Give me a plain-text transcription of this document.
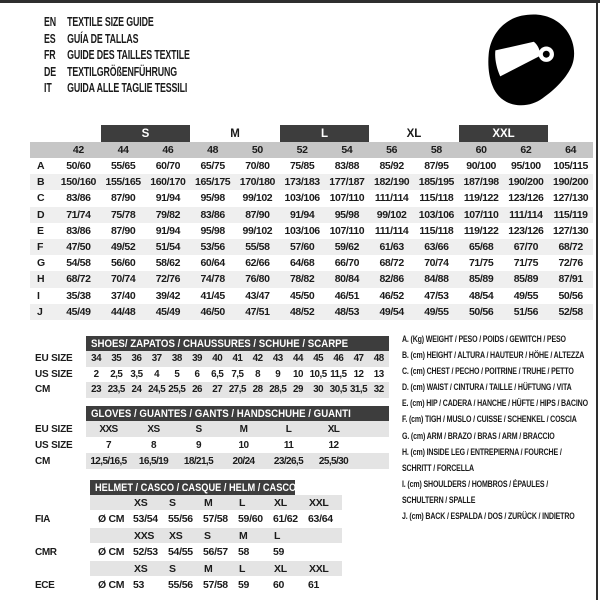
EN TEXTILE SIZE GUIDE
ES GUÍA DE TALLAS
FR GUIDE DES TAILLES TEXTILE
DE TEXTILGRÖßENFÜHRUNG
IT	GUIDA ALLE TAGLIE TESSILI
S	M	L	XL	XXL
42	44	46	48	50	52	54	56	58	60	62	64
A 50/60 55/65 60/70 65/75 70/80 75/85 83/88 85/92 87/95 90/100 95/100 105/115
B 150/160 155/165 160/170 165/175 170/180 173/183 177/187 182/190 185/195 187/198 190/200 190/200
C 83/86 87/90 91/94 95/98 99/102 103/106 107/110 111/114 115/118 119/122 123/126 127/130
D 71/74 75/78 79/82 83/86 87/90 91/94 95/98 99/102 103/106 107/110 111/114 115/119
E 83/86 87/90 91/94 95/98 99/102 103/106 107/110 111/114 115/118 119/122 123/126 127/130
F 47/50 49/52 51/54 53/56 55/58 57/60 59/62 61/63 63/66 65/68 67/70 68/72
G 54/58 56/60 58/62 60/64 62/66 64/68 66/70 68/72 70/74 71/75 71/75 72/76
H 68/72 70/74 72/76 74/78 76/80 78/82 80/84 82/86 84/88 85/89 85/89 87/91
I	35/38 37/40 39/42 41/45 43/47 45/50 46/51 46/52 47/53 48/54 49/55 50/56
J 45/49 44/48 45/49 46/50 47/51 48/52 48/53 49/54 49/55 50/56 51/56 52/58
A. (Kg) WEIGHT / PESO / POIDS / GEWITCH / PESO
B. (cm) HEIGHT / ALTURA / HAUTEUR / HÖHE / ALTEZZA
C. (cm) CHEST / PECHO / POITRINE / TRUHE / PETTO
D. (cm) WAIST / CINTURA / TAILLE / HÜFTUNG / VITA
E. (cm) HIP / CADERA / HANCHE / HÜFTE / HIPS / BACINO
F. (cm) TIGH / MUSLO / CUISSE / SCHENKEL / COSCIA
G. (cm) ARM / BRAZO / BRAS / ARM / BRACCIO
H. (cm) INSIDE LEG / ENTREPIERNA / FOURCHE /
SCHRITT / FORCELLA
I. (cm) SHOULDERS / HOMBROS / ÉPAULES /
SCHULTERN / SPALLE
J. (cm) BACK / ESPALDA / DOS / ZURÜCK / INDIETRO
SHOES/ ZAPATOS / CHAUSSURES / SCHUHE / SCARPE
EU SIZE 34 35 36 37 38 39 40 41 42 43 44 45 46 47 48
US SIZE 2 2,5 3,5 4 5 6 6,5 7,5 8 9 10 10,5 11,5 12 13
CM	23 23,5 24 24,5 25,5 26 27 27,5 28 28,5 29 30 30,5 31,5 32
GLOVES / GUANTES / GANTS / HANDSCHUHE / GUANTI
EU SIZE	XXS	XS	S	M	L	XL
US SIZE	7	8	9	10	11	12
CM	12,5/16,5 16,5/19 18/21,5 20/24 23/26,5 25,5/30
HELMET / CASCO / CASQUE / HELM / CASCO
XS S	M	L	XL XXL
FIA	Ø CM 53/54 55/56 57/58 59/60 61/62 63/64
XXS XS S	M	L
CMR	Ø CM 52/53 54/55 56/57 58 59
XS S	M	L	XL XXL
ECE	Ø CM 53 55/56 57/58 59 60 61
